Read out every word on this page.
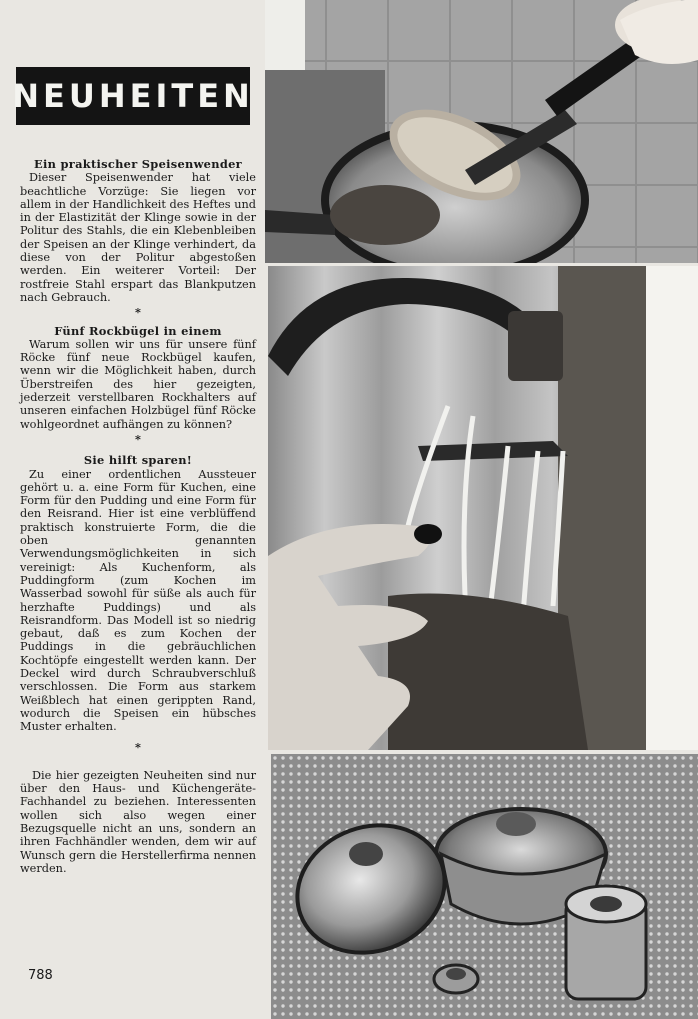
NEUHEITEN
Ein praktischer Speisenwender

Dieser Speisenwender hat viele beachtliche Vorzüge: Sie liegen vor allem in der Handlichkeit des Heftes und in der Elastizität der Klinge sowie in der Politur des Stahls, die ein Klebenbleiben der Speisen an der Klinge verhindert, da diese von der Politur abgestoßen werden. Ein weiterer Vorteil: Der rostfreie Stahl erspart das Blankputzen nach Gebrauch.

*
Fünf Rockbügel in einem

Warum sollen wir uns für unsere fünf Röcke fünf neue Rockbügel kaufen, wenn wir die Möglichkeit haben, durch Überstreifen des hier gezeigten, jederzeit verstellbaren Rockhalters auf unseren einfachen Holzbügel fünf Röcke wohlgeordnet aufhängen zu können?

*
Sie hilft sparen!

Zu einer ordentlichen Aussteuer gehört u. a. eine Form für Kuchen, eine Form für den Pudding und eine Form für den Reisrand. Hier ist eine verblüffend praktisch konstruierte Form, die die oben genannten Verwendungsmöglichkeiten in sich vereinigt: Als Kuchenform, als Puddingform (zum Kochen im Wasserbad sowohl für süße als auch für herzhafte Puddings) und als Reisrandform. Das Modell ist so niedrig gebaut, daß es zum Kochen der Puddings in die gebräuchlichen Kochtöpfe eingestellt werden kann. Der Deckel wird durch Schraubverschluß verschlossen. Die Form aus starkem Weißblech hat einen gerippten Rand, wodurch die Speisen ein hübsches Muster erhalten.

*

Die hier gezeigten Neuheiten sind nur über den Haus- und Küchengeräte-Fachhandel zu beziehen. Interessenten wollen sich also wegen einer Bezugsquelle nicht an uns, sondern an ihren Fachhändler wenden, dem wir auf Wunsch gern die Herstellerfirma nennen werden.

788
